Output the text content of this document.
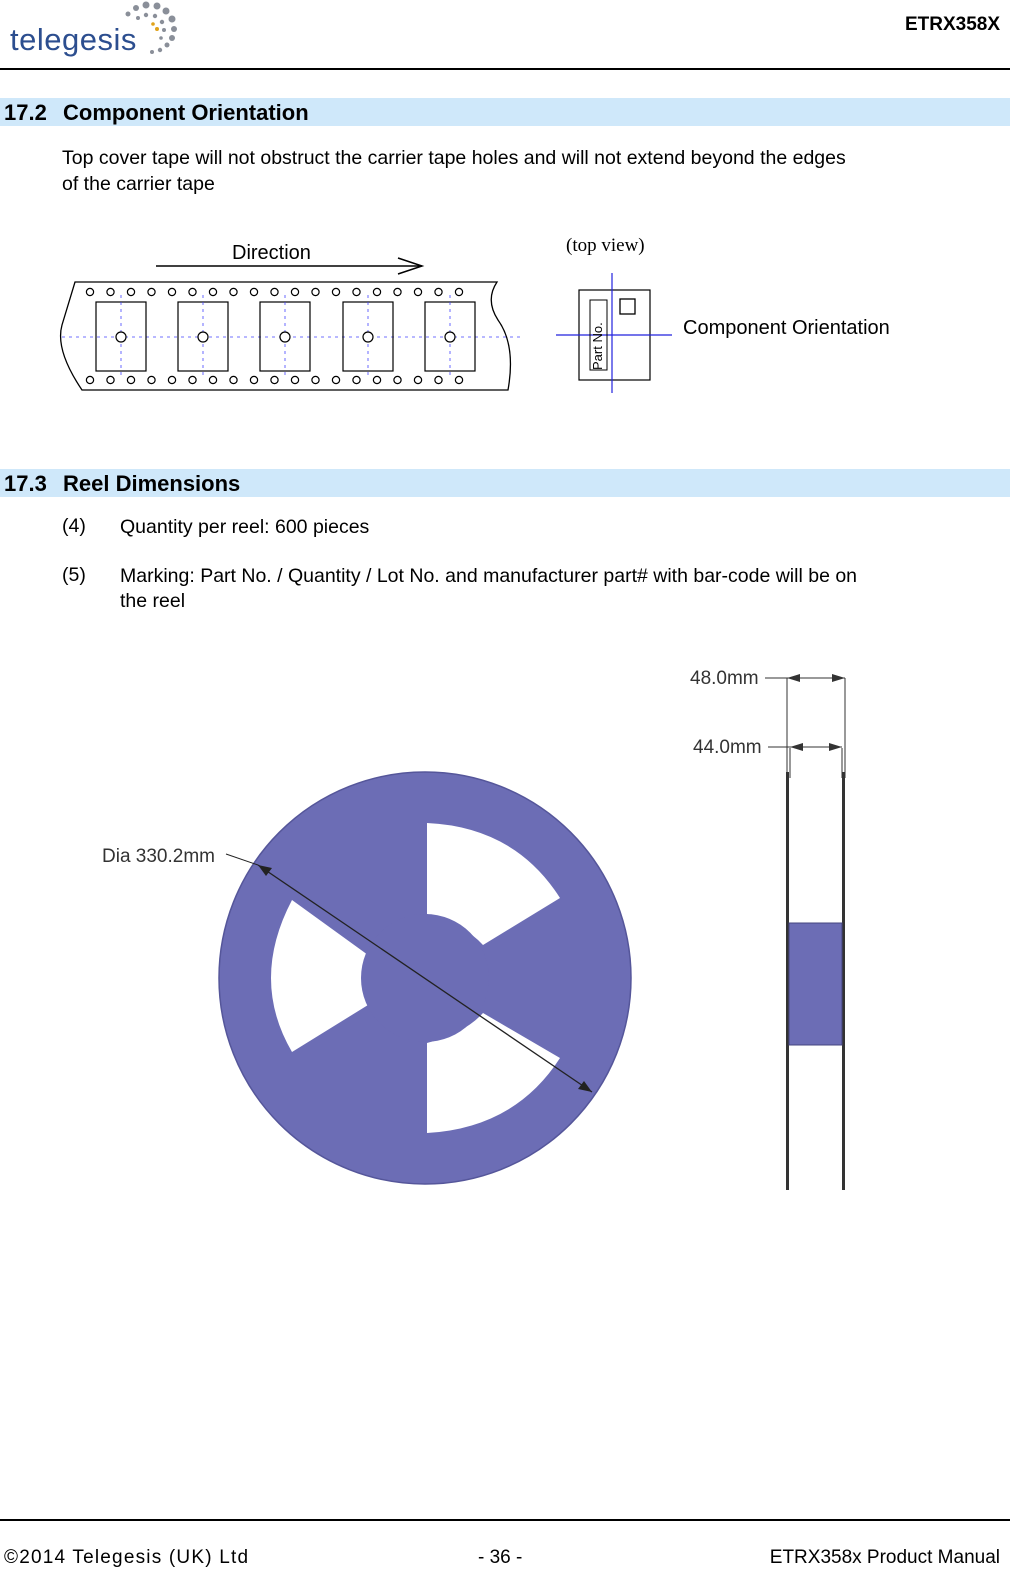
telegesis	ETRX358X
17.2 Component Orientation
Top cover tape will not obstruct the carrier tape holes and will not extend beyond the edges
of the carrier tape
Direction	(top view)
Part No.	Component Orientation
17.3 Reel Dimensions
(4) Quantity per reel: 600 pieces
(5) Marking: Part No. / Quantity / Lot No. and manufacturer part# with bar-code will be on
the reel
Dia 330.2mm
48.0mm
44.0mm
©2014 Telegesis (UK) Ltd	- 36 -	ETRX358x Product Manual
